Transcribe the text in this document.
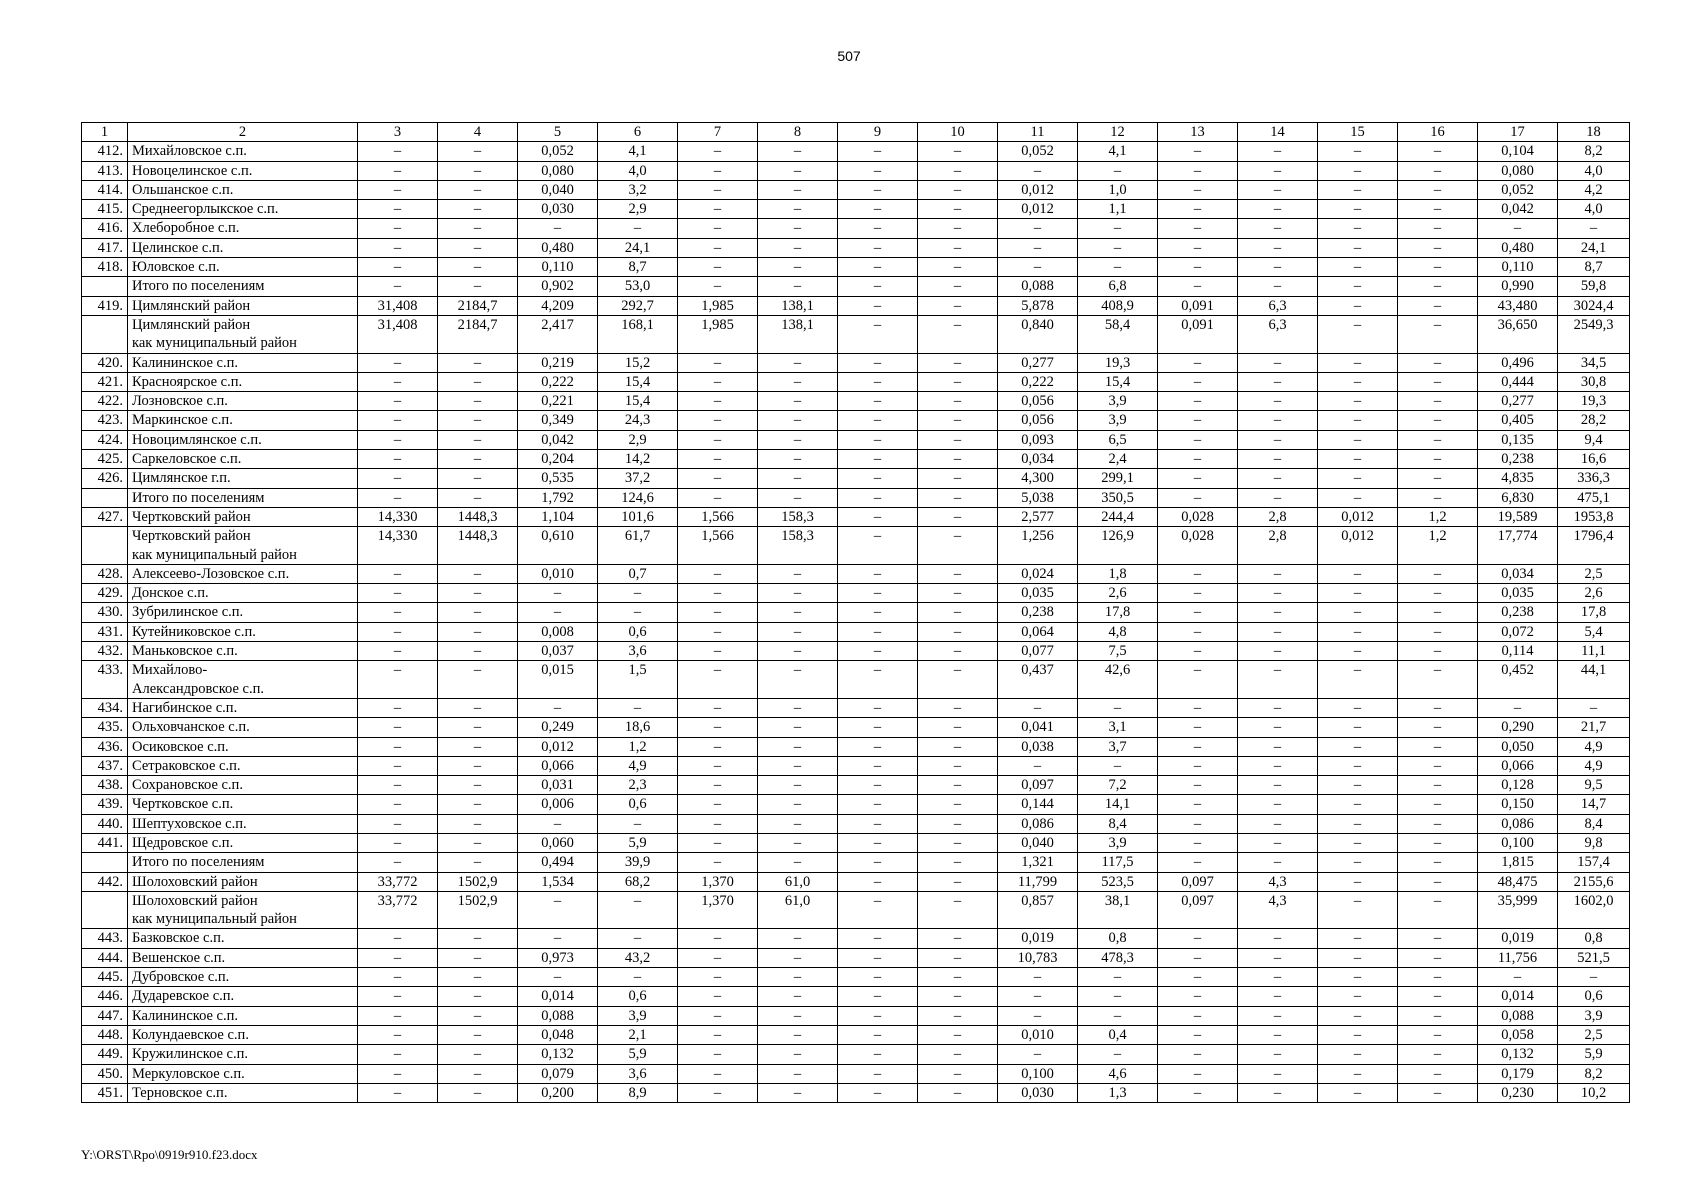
507
1	2	3	4	5	6	7	8	9	10	11	12	13	14	15	16	17	18
412.	Михайловское с.п.	–	–	0,052	4,1	–	–	–	–	0,052	4,1	–	–	–	–	0,104	8,2
413.	Новоцелинское с.п.	–	–	0,080	4,0	–	–	–	–	–	–	–	–	–	–	0,080	4,0
414.	Ольшанское с.п.	–	–	0,040	3,2	–	–	–	–	0,012	1,0	–	–	–	–	0,052	4,2
415.	Среднеегорлыкское с.п.	–	–	0,030	2,9	–	–	–	–	0,012	1,1	–	–	–	–	0,042	4,0
416.	Хлеборобное с.п.	–	–	–	–	–	–	–	–	–	–	–	–	–	–	–	–
417.	Целинское с.п.	–	–	0,480	24,1	–	–	–	–	–	–	–	–	–	–	0,480	24,1
418.	Юловское с.п.	–	–	0,110	8,7	–	–	–	–	–	–	–	–	–	–	0,110	8,7
	Итого по поселениям	–	–	0,902	53,0	–	–	–	–	0,088	6,8	–	–	–	–	0,990	59,8
419.	Цимлянский район	31,408	2184,7	4,209	292,7	1,985	138,1	–	–	5,878	408,9	0,091	6,3	–	–	43,480	3024,4
	Цимлянский район
как муниципальный район	31,408	2184,7	2,417	168,1	1,985	138,1	–	–	0,840	58,4	0,091	6,3	–	–	36,650	2549,3
420.	Калининское с.п.	–	–	0,219	15,2	–	–	–	–	0,277	19,3	–	–	–	–	0,496	34,5
421.	Красноярское с.п.	–	–	0,222	15,4	–	–	–	–	0,222	15,4	–	–	–	–	0,444	30,8
422.	Лозновское с.п.	–	–	0,221	15,4	–	–	–	–	0,056	3,9	–	–	–	–	0,277	19,3
423.	Маркинское с.п.	–	–	0,349	24,3	–	–	–	–	0,056	3,9	–	–	–	–	0,405	28,2
424.	Новоцимлянское с.п.	–	–	0,042	2,9	–	–	–	–	0,093	6,5	–	–	–	–	0,135	9,4
425.	Саркеловское с.п.	–	–	0,204	14,2	–	–	–	–	0,034	2,4	–	–	–	–	0,238	16,6
426.	Цимлянское г.п.	–	–	0,535	37,2	–	–	–	–	4,300	299,1	–	–	–	–	4,835	336,3
	Итого по поселениям	–	–	1,792	124,6	–	–	–	–	5,038	350,5	–	–	–	–	6,830	475,1
427.	Чертковский район	14,330	1448,3	1,104	101,6	1,566	158,3	–	–	2,577	244,4	0,028	2,8	0,012	1,2	19,589	1953,8
	Чертковский район
как муниципальный район	14,330	1448,3	0,610	61,7	1,566	158,3	–	–	1,256	126,9	0,028	2,8	0,012	1,2	17,774	1796,4
428.	Алексеево-Лозовское с.п.	–	–	0,010	0,7	–	–	–	–	0,024	1,8	–	–	–	–	0,034	2,5
429.	Донское с.п.	–	–	–	–	–	–	–	–	0,035	2,6	–	–	–	–	0,035	2,6
430.	Зубрилинское с.п.	–	–	–	–	–	–	–	–	0,238	17,8	–	–	–	–	0,238	17,8
431.	Кутейниковское с.п.	–	–	0,008	0,6	–	–	–	–	0,064	4,8	–	–	–	–	0,072	5,4
432.	Маньковское с.п.	–	–	0,037	3,6	–	–	–	–	0,077	7,5	–	–	–	–	0,114	11,1
433.	Михайлово-
Александровское с.п.	–	–	0,015	1,5	–	–	–	–	0,437	42,6	–	–	–	–	0,452	44,1
434.	Нагибинское с.п.	–	–	–	–	–	–	–	–	–	–	–	–	–	–	–	–
435.	Ольховчанское с.п.	–	–	0,249	18,6	–	–	–	–	0,041	3,1	–	–	–	–	0,290	21,7
436.	Осиковское с.п.	–	–	0,012	1,2	–	–	–	–	0,038	3,7	–	–	–	–	0,050	4,9
437.	Сетраковское с.п.	–	–	0,066	4,9	–	–	–	–	–	–	–	–	–	–	0,066	4,9
438.	Сохрановское с.п.	–	–	0,031	2,3	–	–	–	–	0,097	7,2	–	–	–	–	0,128	9,5
439.	Чертковское с.п.	–	–	0,006	0,6	–	–	–	–	0,144	14,1	–	–	–	–	0,150	14,7
440.	Шептуховское с.п.	–	–	–	–	–	–	–	–	0,086	8,4	–	–	–	–	0,086	8,4
441.	Щедровское с.п.	–	–	0,060	5,9	–	–	–	–	0,040	3,9	–	–	–	–	0,100	9,8
	Итого по поселениям	–	–	0,494	39,9	–	–	–	–	1,321	117,5	–	–	–	–	1,815	157,4
442.	Шолоховский район	33,772	1502,9	1,534	68,2	1,370	61,0	–	–	11,799	523,5	0,097	4,3	–	–	48,475	2155,6
	Шолоховский район
как муниципальный район	33,772	1502,9	–	–	1,370	61,0	–	–	0,857	38,1	0,097	4,3	–	–	35,999	1602,0
443.	Базковское с.п.	–	–	–	–	–	–	–	–	0,019	0,8	–	–	–	–	0,019	0,8
444.	Вешенское с.п.	–	–	0,973	43,2	–	–	–	–	10,783	478,3	–	–	–	–	11,756	521,5
445.	Дубровское с.п.	–	–	–	–	–	–	–	–	–	–	–	–	–	–	–	–
446.	Дударевское с.п.	–	–	0,014	0,6	–	–	–	–	–	–	–	–	–	–	0,014	0,6
447.	Калининское с.п.	–	–	0,088	3,9	–	–	–	–	–	–	–	–	–	–	0,088	3,9
448.	Колундаевское с.п.	–	–	0,048	2,1	–	–	–	–	0,010	0,4	–	–	–	–	0,058	2,5
449.	Кружилинское с.п.	–	–	0,132	5,9	–	–	–	–	–	–	–	–	–	–	0,132	5,9
450.	Меркуловское с.п.	–	–	0,079	3,6	–	–	–	–	0,100	4,6	–	–	–	–	0,179	8,2
451.	Терновское с.п.	–	–	0,200	8,9	–	–	–	–	0,030	1,3	–	–	–	–	0,230	10,2
Y:\ORST\Rpo\0919r910.f23.docx
